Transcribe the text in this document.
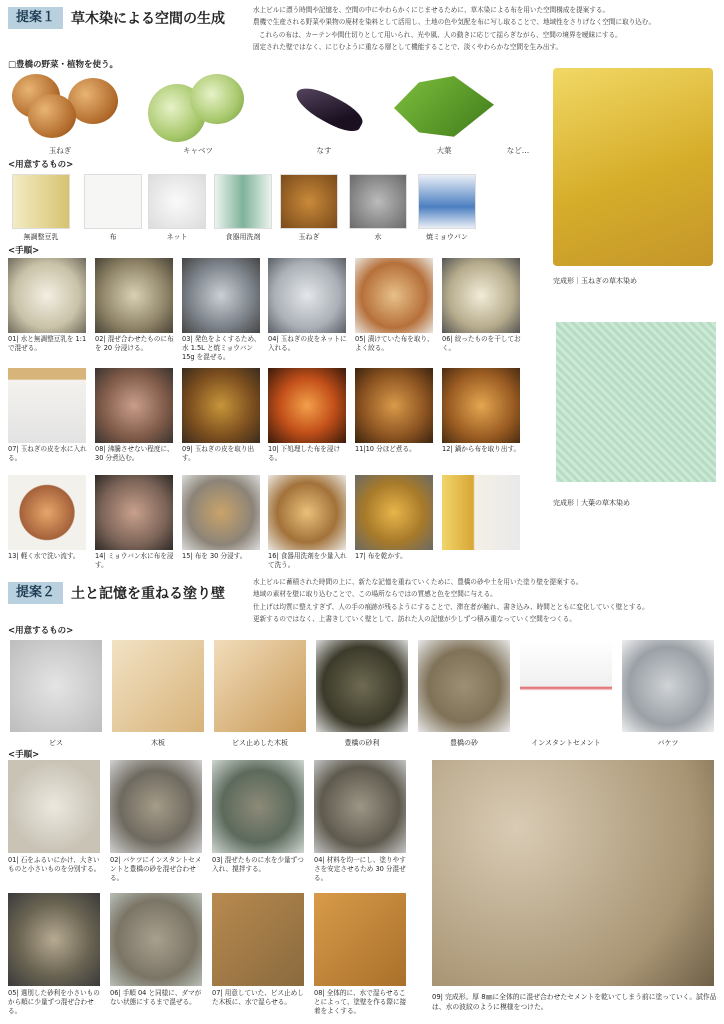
提案１	草木染による空間の生成

水上ビルに漂う時間や記憶を、空間の中にやわらかくにじませるために、草木染による布を用いた空間構成を提案する。

農機で生産される野菜や果物の廃材を染料として活用し、土地の色や気配を布に写し取ることで、地域性をさりげなく空間に取り込む。

これらの布は、カーテンや間仕切りとして用いられ、光や風、人の動きに応じて揺らぎながら、空間の境界を曖昧にする。

固定された壁ではなく、にじむように重なる層として機能することで、淡くやわらかな空間を生み出す。

□豊橋の野菜・植物を使う。
玉ねぎ	キャベツ	なす	大葉	など…
<用意するもの>
無調整豆乳	布	ネット	食器用洗剤	玉ねぎ	水	焼ミョウバン
<手順>
01| 水と無調整豆乳を 1:1 で混ぜる。
02| 混ぜ合わせたものに布を 20 分浸ける。
03| 発色をよくするため、水 1.5L と焼ミョウバン 15g を混ぜる。
04| 玉ねぎの皮をネットに入れる。
05| 漬けていた布を取り、よく絞る。
06| 絞ったものを干しておく。
07| 玉ねぎの皮を水に入れる。
08| 沸騰させない程度に、30 分煮込む。
09| 玉ねぎの皮を取り出す。
10| 下処理した布を浸ける。
11|10 分ほど煮る。	12| 鍋から布を取り出す。
13| 軽く水で洗い流す。	14| ミョウバン水に布を浸す。
15| 布を 30 分浸す。	16| 食器用洗剤を少量入れて洗う。
17| 布を乾かす。
完成形｜玉ねぎの草木染め
完成形｜大葉の草木染め
提案２	土と記憶を重ねる塗り壁

水上ビルに蓄積された時間の上に、新たな記憶を重ねていくために、豊橋の砂や土を用いた塗り壁を提案する。

地域の素材を壁に取り込むことで、この場所ならではの質感と色を空間に与える。

仕上げは均質に整えすぎず、人の手の痕跡が残るようにすることで、滞在者が触れ、書き込み、時間とともに変化していく壁とする。

更新するのではなく、上書きしていく壁として、訪れた人の記憶が少しずつ積み重なっていく空間をつくる。

<用意するもの>
ビス	木板	ビス止めした木板	豊橋の砂利	豊橋の砂	インスタントセメント	バケツ
<手順>
01| 石をふるいにかけ、大きいものと小さいものを分別する。
02| バケツにインスタントセメントと豊橋の砂を混ぜ合わせる。
03| 混ぜたものに水を少量ずつ入れ、撹拌する。
04| 材料を均一にし、塗りやすさを安定させるため 30 分混ぜる。
05| 選別した砂利を小さいものから順に少量ずつ混ぜ合わせる。
06| 手順 04 と同様に、ダマがない状態にするまで混ぜる。
07| 用意していた、ビス止めした木板に、水で湿らせる。
08| 全体的に、水で湿らせることによって、塗壁を作る際に接着をよくする。
09| 完成形。厚 8㎜に全体的に混ぜ合わせたセメントを乾いてしまう前に塗っていく。試作品は、水の波紋のように模様をつけた。
